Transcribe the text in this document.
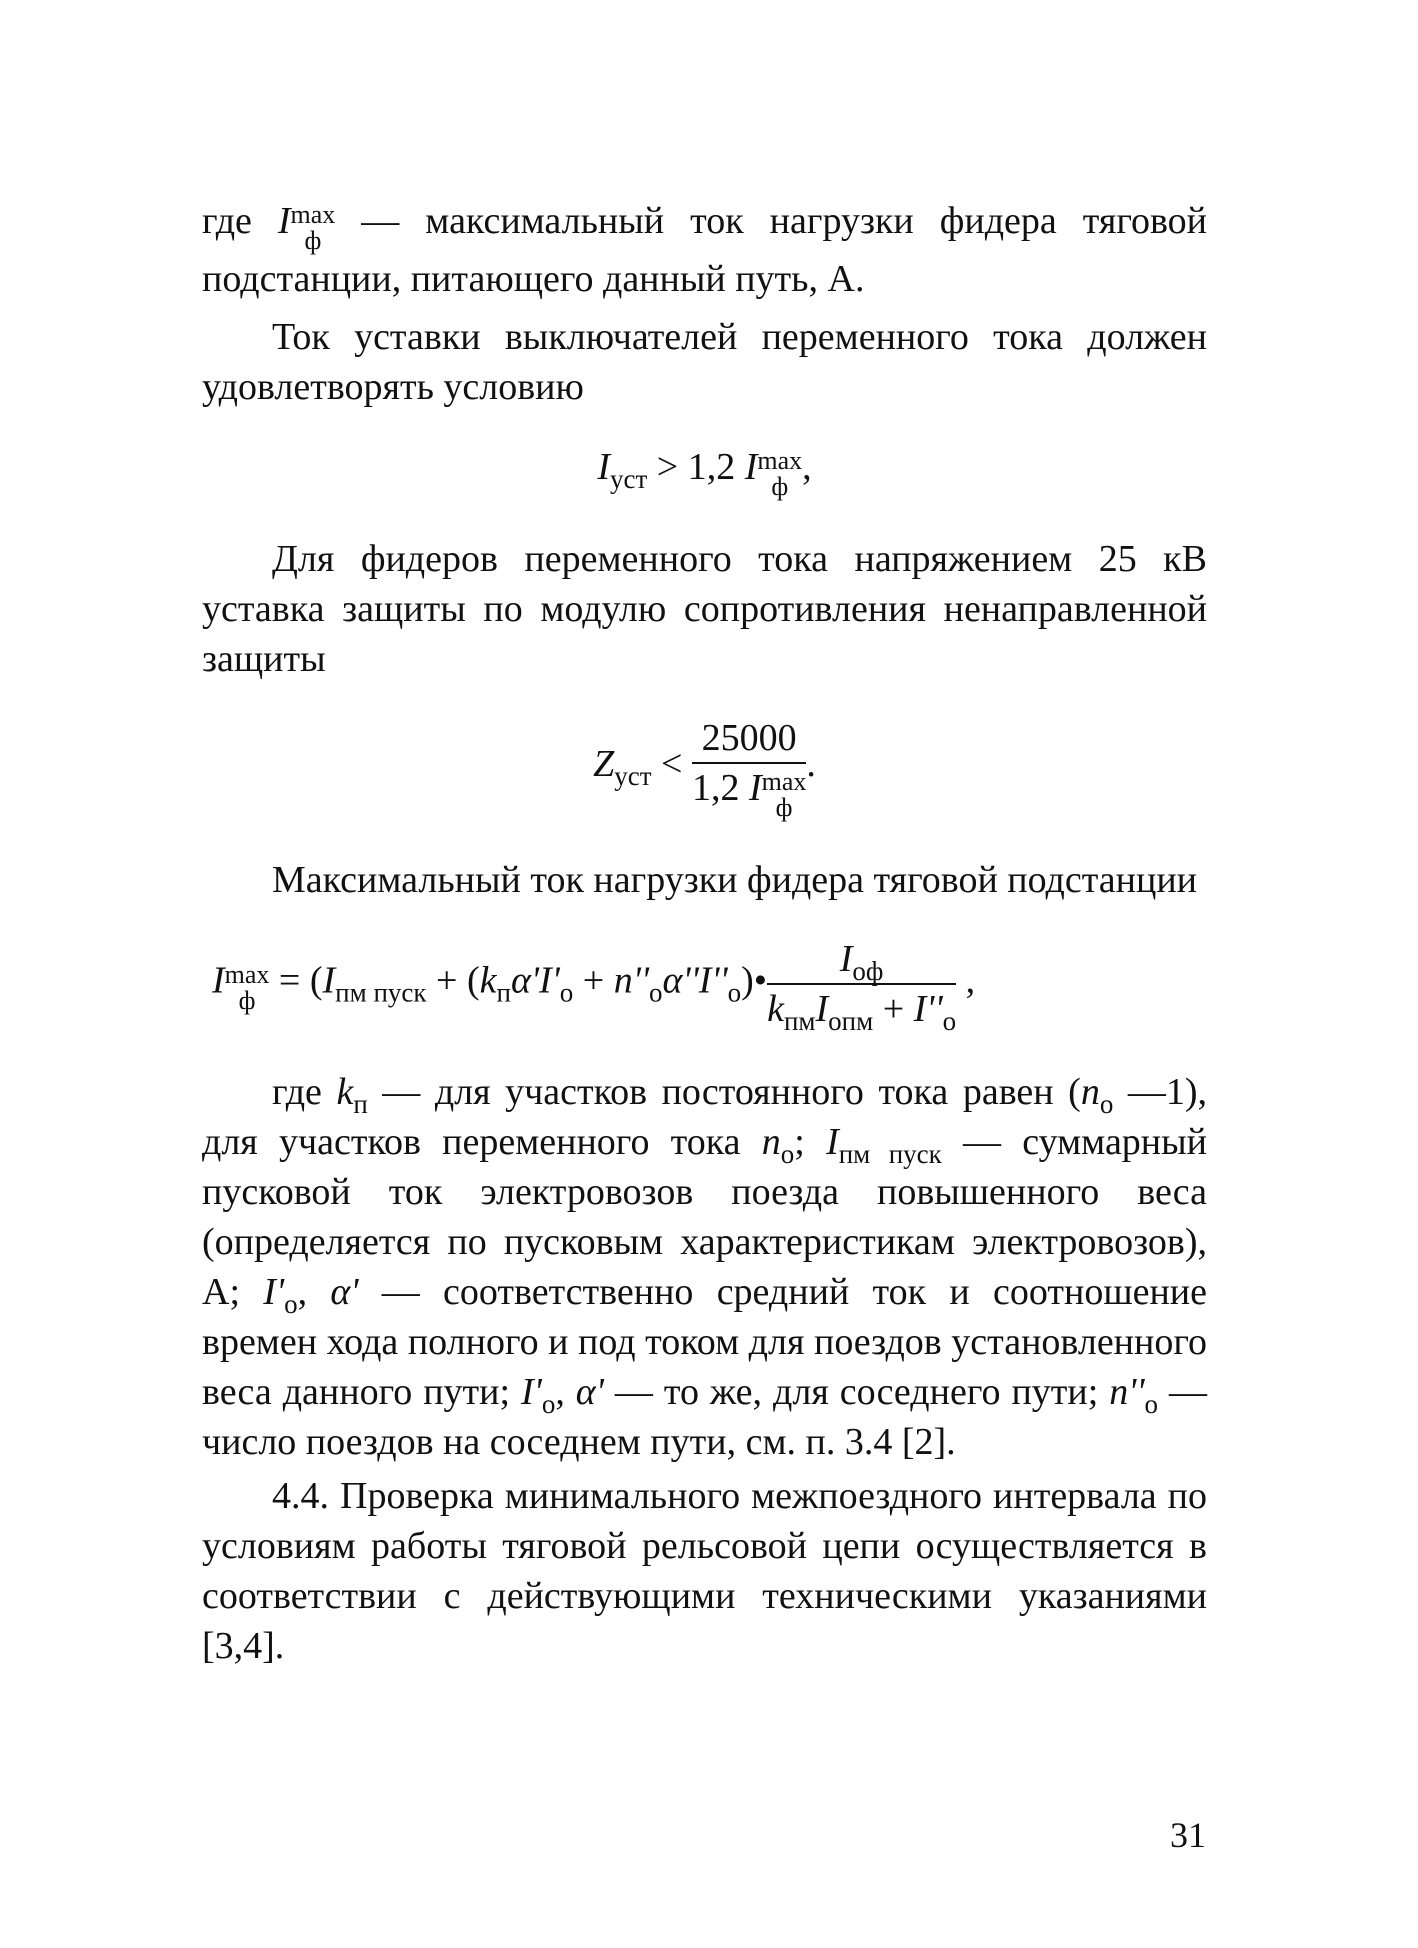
где I max
ф	— максимальный ток нагрузки фидера тяговой подстанции, питающего данный путь, А.

Ток уставки выключателей переменного тока должен удовлетворять условию

$I_{уст} > 1,2$ I max
ф ,

Для фидеров переменного тока напряжением 25 кВ уставка защиты по модулю сопротивления ненаправленной защиты

$Z_{уст} < 25000$
1,2 I max
ф .

Максимальный ток нагрузки фидера тяговой подстанции

I max
$ф = (I_{пм пуск} + (k_п\alpha'I'_о$ + $n''_о\alpha''I''_о)• \frac{I_{оф}}{k_{пм}I_{опм} + I''_о}$ ,

где $k_п$ — для участков постоянного тока равен ($n_о$ —1), для участков переменного тока $n_о$; $I_{пм пуск}$ — суммарный пусковой ток электровозов поезда повышенного веса (определяется по пусковым характеристикам электровозов), А; $I'_о$, α' — соответственно средний ток и соотношение времен хода полного и под током для поездов установленного веса данного пути; $I'_о$, α' — то же, для соседнего пути; $n''_о$ — число поездов на соседнем пути, см. п. 3.4 [2].

4.4. Проверка минимального межпоездного интервала по условиям работы тяговой рельсовой цепи осуществляется в соответствии с действующими техническими указаниями [3,4].

31
